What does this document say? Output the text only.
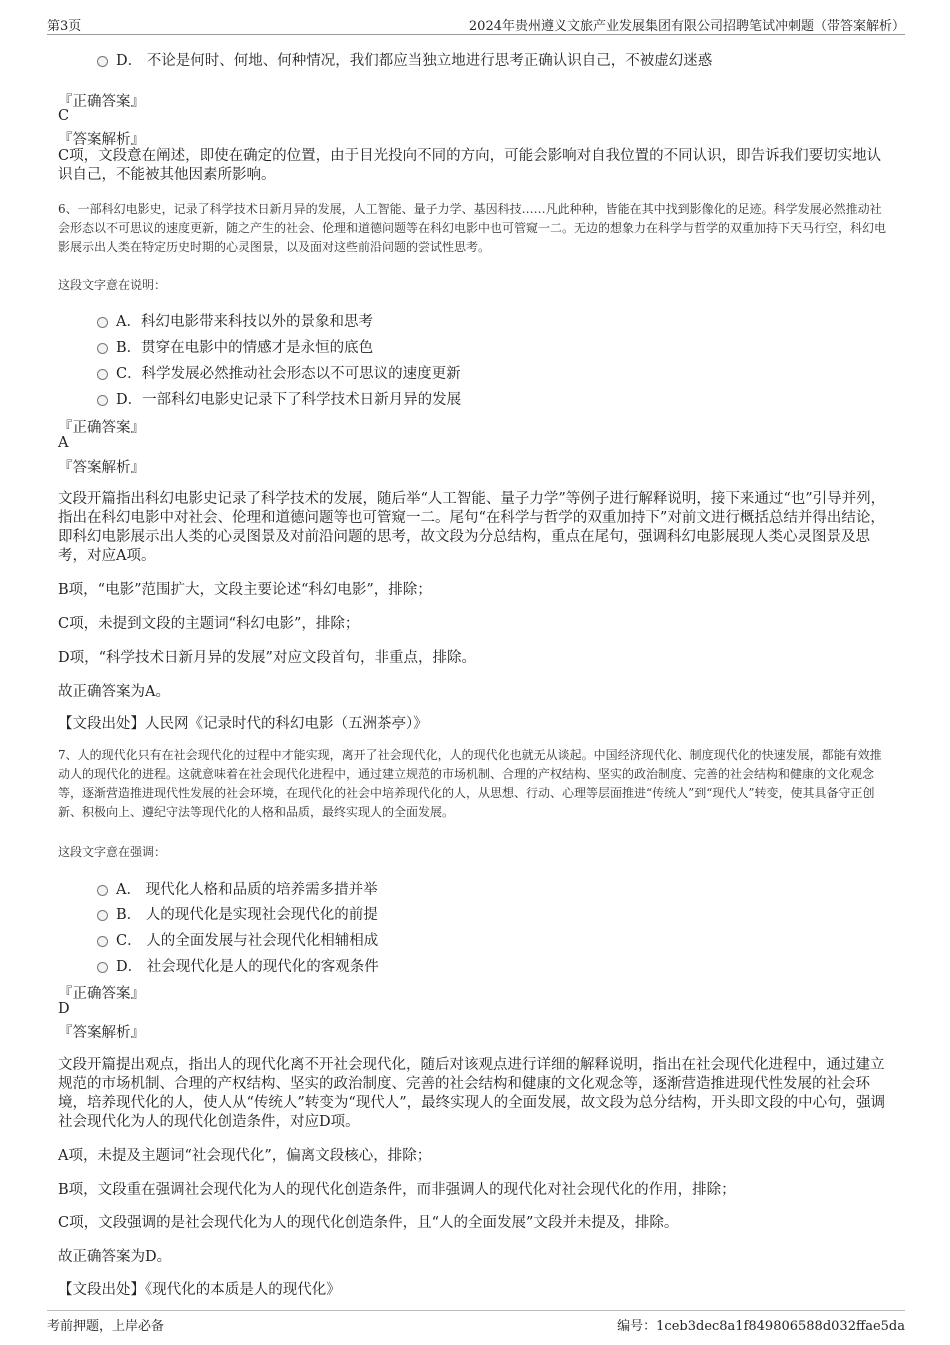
第3页	2024年贵州遵义文旅产业发展集团有限公司招聘笔试冲刺题（带答案解析）
D． 不论是何时、何地、何种情况，我们都应当独立地进行思考正确认识自己，不被虚幻迷惑
『正确答案』
C
『答案解析』
C项，文段意在阐述，即使在确定的位置，由于目光投向不同的方向，可能会影响对自我位置的不同认识，即告诉我们要切实地认识自己，不能被其他因素所影响。
6、一部科幻电影史，记录了科学技术日新月异的发展，人工智能、量子力学、基因科技……凡此种种，皆能在其中找到影像化的足迹。科学发展必然推动社会形态以不可思议的速度更新，随之产生的社会、伦理和道德问题等在科幻电影中也可管窥一二。无边的想象力在科学与哲学的双重加持下天马行空，科幻电影展示出人类在特定历史时期的心灵图景，以及面对这些前沿问题的尝试性思考。
这段文字意在说明：
A．科幻电影带来科技以外的景象和思考
B．贯穿在电影中的情感才是永恒的底色
C．科学发展必然推动社会形态以不可思议的速度更新
D．一部科幻电影史记录下了科学技术日新月异的发展
『正确答案』
A
『答案解析』
文段开篇指出科幻电影史记录了科学技术的发展，随后举“人工智能、量子力学”等例子进行解释说明，接下来通过“也”引导并列，指出在科幻电影中对社会、伦理和道德问题等也可管窥一二。尾句“在科学与哲学的双重加持下”对前文进行概括总结并得出结论，即科幻电影展示出人类的心灵图景及对前沿问题的思考，故文段为分总结构，重点在尾句，强调科幻电影展现人类心灵图景及思考，对应A项。
B项，“电影”范围扩大，文段主要论述“科幻电影”，排除；
C项，未提到文段的主题词“科幻电影”，排除；
D项，“科学技术日新月异的发展”对应文段首句，非重点，排除。
故正确答案为A。
【文段出处】人民网《记录时代的科幻电影（五洲茶亭）》
7、人的现代化只有在社会现代化的过程中才能实现，离开了社会现代化，人的现代化也就无从谈起。中国经济现代化、制度现代化的快速发展，都能有效推动人的现代化的进程。这就意味着在社会现代化进程中，通过建立规范的市场机制、合理的产权结构、坚实的政治制度、完善的社会结构和健康的文化观念等，逐渐营造推进现代性发展的社会环境，在现代化的社会中培养现代化的人，从思想、行动、心理等层面推进“传统人”到“现代人”转变，使其具备守正创新、积极向上、遵纪守法等现代化的人格和品质，最终实现人的全面发展。
这段文字意在强调：
A． 现代化人格和品质的培养需多措并举
B． 人的现代化是实现社会现代化的前提
C． 人的全面发展与社会现代化相辅相成
D． 社会现代化是人的现代化的客观条件
『正确答案』
D
『答案解析』
文段开篇提出观点，指出人的现代化离不开社会现代化，随后对该观点进行详细的解释说明，指出在社会现代化进程中，通过建立规范的市场机制、合理的产权结构、坚实的政治制度、完善的社会结构和健康的文化观念等，逐渐营造推进现代性发展的社会环境，培养现代化的人，使人从“传统人”转变为“现代人”，最终实现人的全面发展，故文段为总分结构，开头即文段的中心句，强调社会现代化为人的现代化创造条件，对应D项。
A项，未提及主题词“社会现代化”，偏离文段核心，排除；
B项，文段重在强调社会现代化为人的现代化创造条件，而非强调人的现代化对社会现代化的作用，排除；
C项，文段强调的是社会现代化为人的现代化创造条件，且“人的全面发展”文段并未提及，排除。
故正确答案为D。
【文段出处】《现代化的本质是人的现代化》
考前押题，上岸必备	编号：1ceb3dec8a1f849806588d032ffae5da
